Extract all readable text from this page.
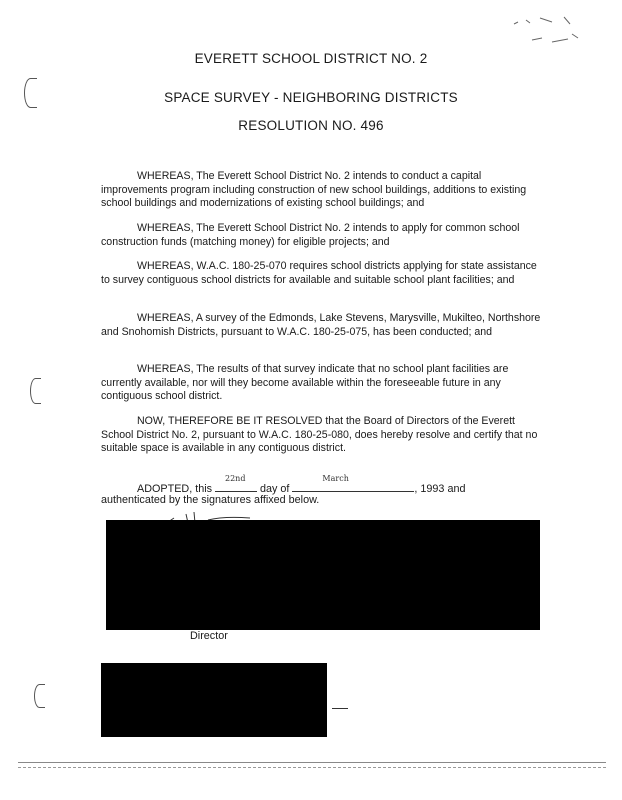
EVERETT SCHOOL DISTRICT NO. 2
SPACE SURVEY - NEIGHBORING DISTRICTS
RESOLUTION NO. 496
WHEREAS, The Everett School District No. 2 intends to conduct a capital improvements program including construction of new school buildings, additions to existing school buildings and modernizations of existing school buildings; and
WHEREAS, The Everett School District No. 2 intends to apply for common school construction funds (matching money) for eligible projects; and
WHEREAS, W.A.C. 180-25-070 requires school districts applying for state assistance to survey contiguous school districts for available and suitable school plant facilities; and
WHEREAS, A survey of the Edmonds, Lake Stevens, Marysville, Mukilteo, Northshore and Snohomish Districts, pursuant to W.A.C. 180-25-075, has been conducted; and
WHEREAS, The results of that survey indicate that no school plant facilities are currently available, nor will they become available within the foreseeable future in any contiguous school district.
NOW, THEREFORE BE IT RESOLVED that the Board of Directors of the Everett School District No. 2, pursuant to W.A.C. 180-25-080, does hereby resolve and certify that no suitable space is available in any contiguous district.
ADOPTED, this
22nd
day of
March
, 1993 and
authenticated by the signatures affixed below.
Director
